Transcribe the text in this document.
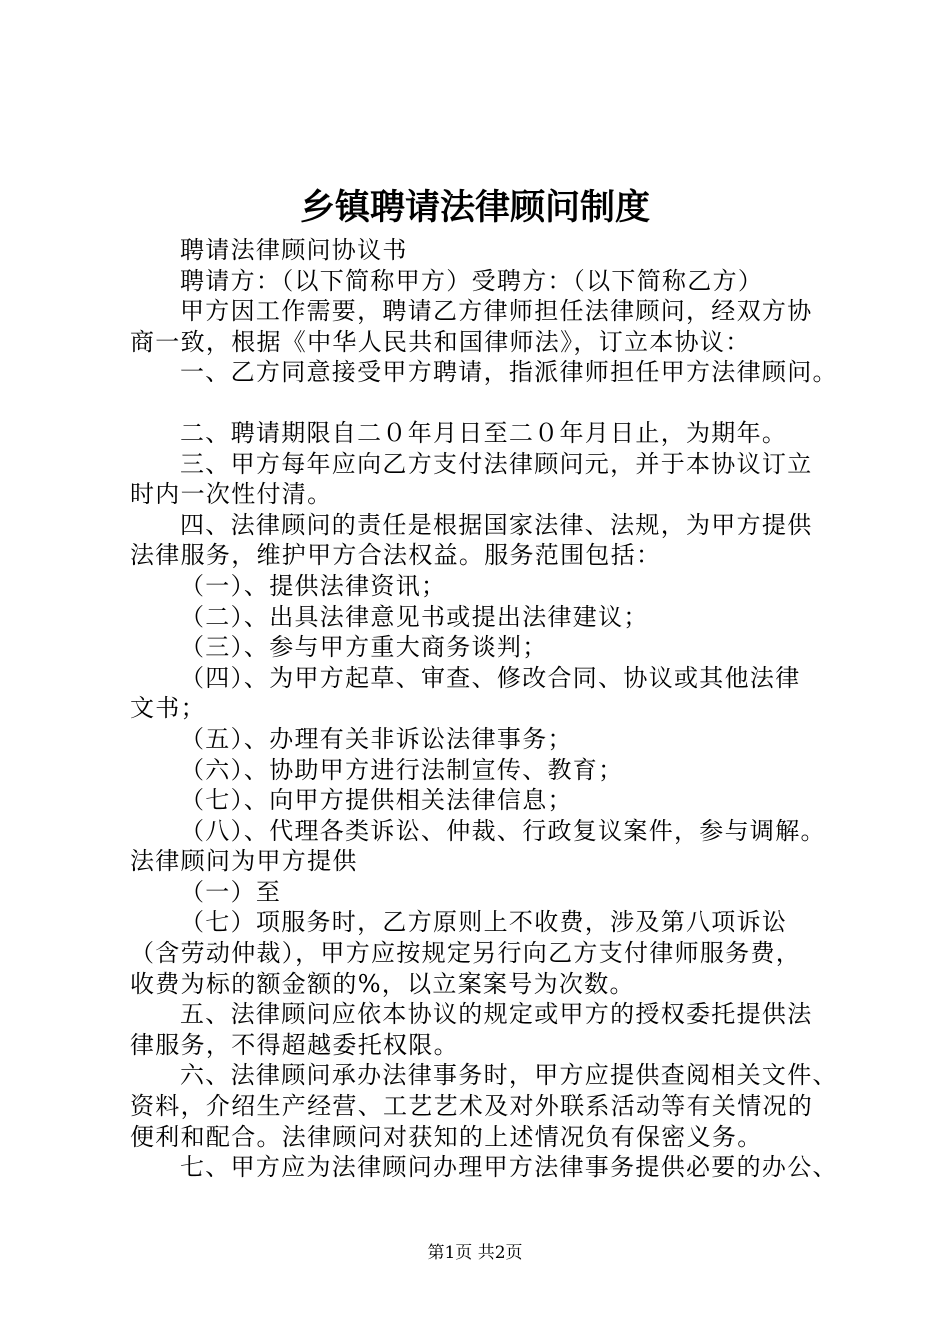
乡镇聘请法律顾问制度
聘请法律顾问协议书
聘请方：（以下简称甲方）受聘方：（以下简称乙方）
甲方因工作需要，聘请乙方律师担任法律顾问，经双方协
商一致，根据《中华人民共和国律师法》，订立本协议：
一、乙方同意接受甲方聘请，指派律师担任甲方法律顾问。
二、聘请期限自二０年月日至二０年月日止，为期年。
三、甲方每年应向乙方支付法律顾问元，并于本协议订立
时内一次性付清。
四、法律顾问的责任是根据国家法律、法规，为甲方提供
法律服务，维护甲方合法权益。服务范围包括：
（一）、提供法律资讯；
（二）、出具法律意见书或提出法律建议；
（三）、参与甲方重大商务谈判；
（四）、为甲方起草、审查、修改合同、协议或其他法律
文书；
（五）、办理有关非诉讼法律事务；
（六）、协助甲方进行法制宣传、教育；
（七）、向甲方提供相关法律信息；
（八）、代理各类诉讼、仲裁、行政复议案件，参与调解。
法律顾问为甲方提供
（一）至
（七）项服务时，乙方原则上不收费，涉及第八项诉讼
（含劳动仲裁），甲方应按规定另行向乙方支付律师服务费，
收费为标的额金额的%，以立案案号为次数。
五、法律顾问应依本协议的规定或甲方的授权委托提供法
律服务，不得超越委托权限。
六、法律顾问承办法律事务时，甲方应提供查阅相关文件、
资料，介绍生产经营、工艺艺术及对外联系活动等有关情况的
便利和配合。法律顾问对获知的上述情况负有保密义务。
七、甲方应为法律顾问办理甲方法律事务提供必要的办公、
第1页 共2页
